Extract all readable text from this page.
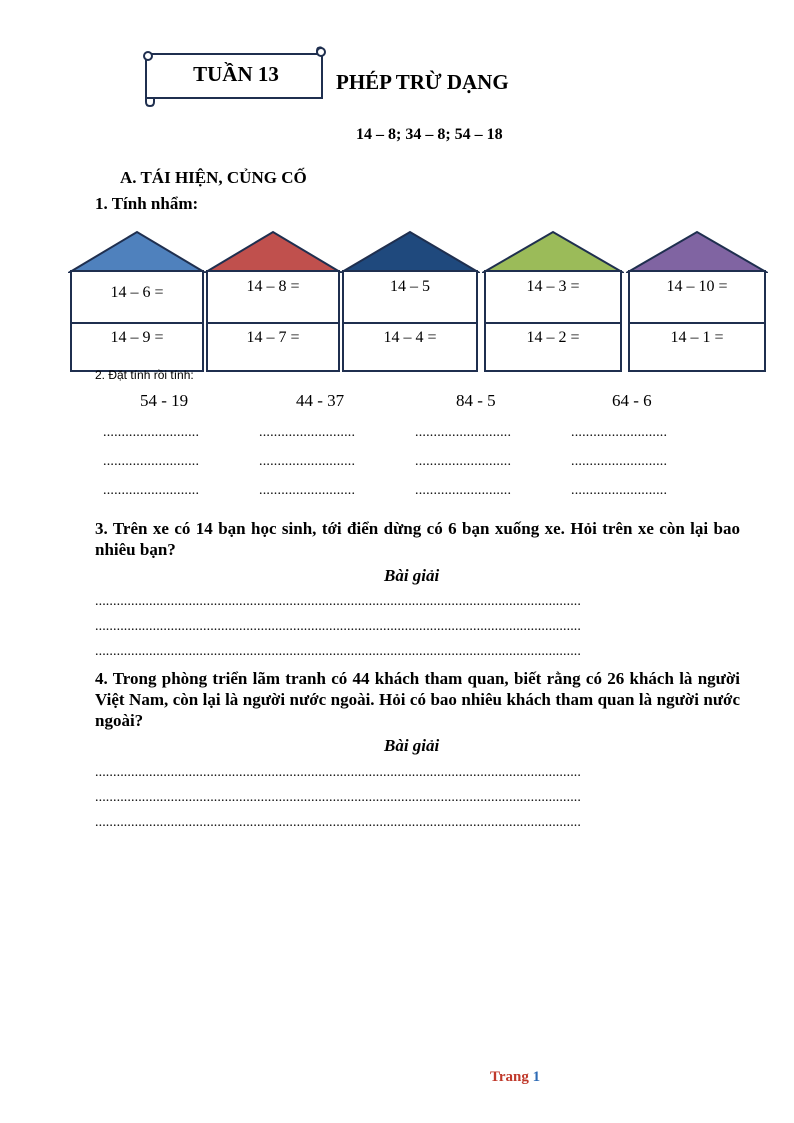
TUẦN 13	PHÉP TRỪ DẠNG
14 – 8; 34 – 8; 54 – 18
A. TÁI HIỆN, CỦNG CỐ
1. Tính nhẩm:
14 – 6 =
14 – 9 =
14 – 8 =
14 – 7 =
14 – 5
14 – 4 =
14 – 3 =
14 – 2 =
14 – 10 =
14 – 1 =
2. Đặt tính rồi tính:
54 - 19	44 - 37	84 - 5	64 - 6
..........................	..........................	..........................	..........................
..........................	..........................	..........................	..........................
..........................	..........................	..........................	..........................
3. Trên xe có 14 bạn học sinh, tới điển dừng có 6 bạn xuống xe. Hỏi trên xe còn lại bao nhiêu bạn?
Bài giải
.......................................................................................................................................
.......................................................................................................................................
.......................................................................................................................................
4. Trong phòng triển lãm tranh có 44 khách tham quan, biết rằng có 26 khách là người Việt Nam, còn lại là người nước ngoài. Hỏi có bao nhiêu khách tham quan là người nước ngoài?
Bài giải
.......................................................................................................................................
.......................................................................................................................................
.......................................................................................................................................
Trang 1
